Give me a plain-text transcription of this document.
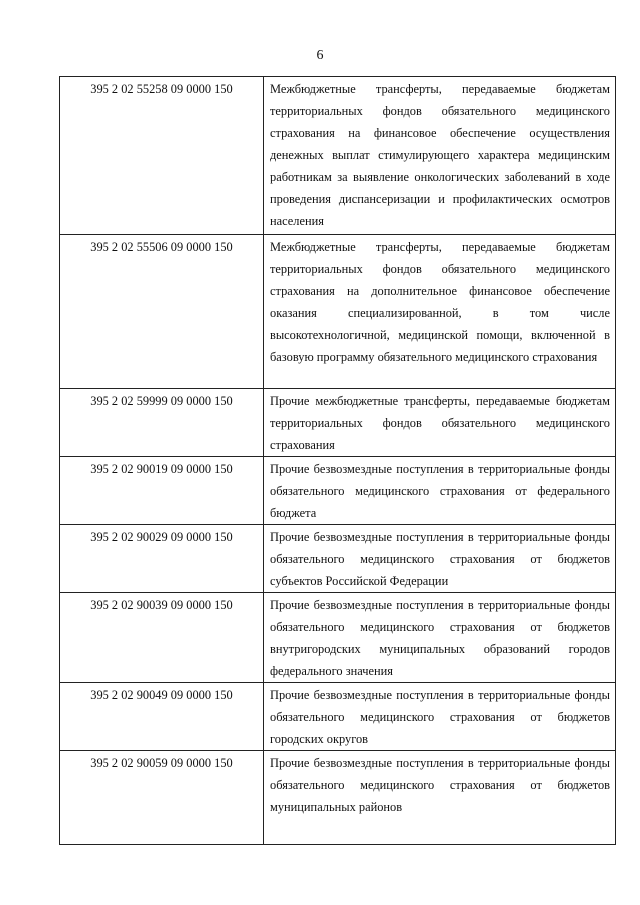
6
395 2 02 55258 09 0000 150	Межбюджетные трансферты, передаваемые бюджетам территориальных фондов обязательного медицинского страхования на финансовое обеспечение осуществления денежных выплат стимулирующего характера медицинским работникам за выявление онкологических заболеваний в ходе проведения диспансеризации и профилактических осмотров населения
395 2 02 55506 09 0000 150	Межбюджетные трансферты, передаваемые бюджетам территориальных фондов обязательного медицинского страхования на дополнительное финансовое обеспечение оказания специализированной, в том числе высокотехнологичной, медицинской помощи, включенной в базовую программу обязательного медицинского страхования
395 2 02 59999 09 0000 150	Прочие межбюджетные трансферты, передаваемые бюджетам территориальных фондов обязательного медицинского страхования
395 2 02 90019 09 0000 150	Прочие безвозмездные поступления в территориальные фонды обязательного медицинского страхования от федерального бюджета
395 2 02 90029 09 0000 150	Прочие безвозмездные поступления в территориальные фонды обязательного медицинского страхования от бюджетов субъектов Российской Федерации
395 2 02 90039 09 0000 150	Прочие безвозмездные поступления в территориальные фонды обязательного медицинского страхования от бюджетов внутригородских муниципальных образований городов федерального значения
395 2 02 90049 09 0000 150	Прочие безвозмездные поступления в территориальные фонды обязательного медицинского страхования от бюджетов городских округов
395 2 02 90059 09 0000 150	Прочие безвозмездные поступления в территориальные фонды обязательного медицинского страхования от бюджетов муниципальных районов
